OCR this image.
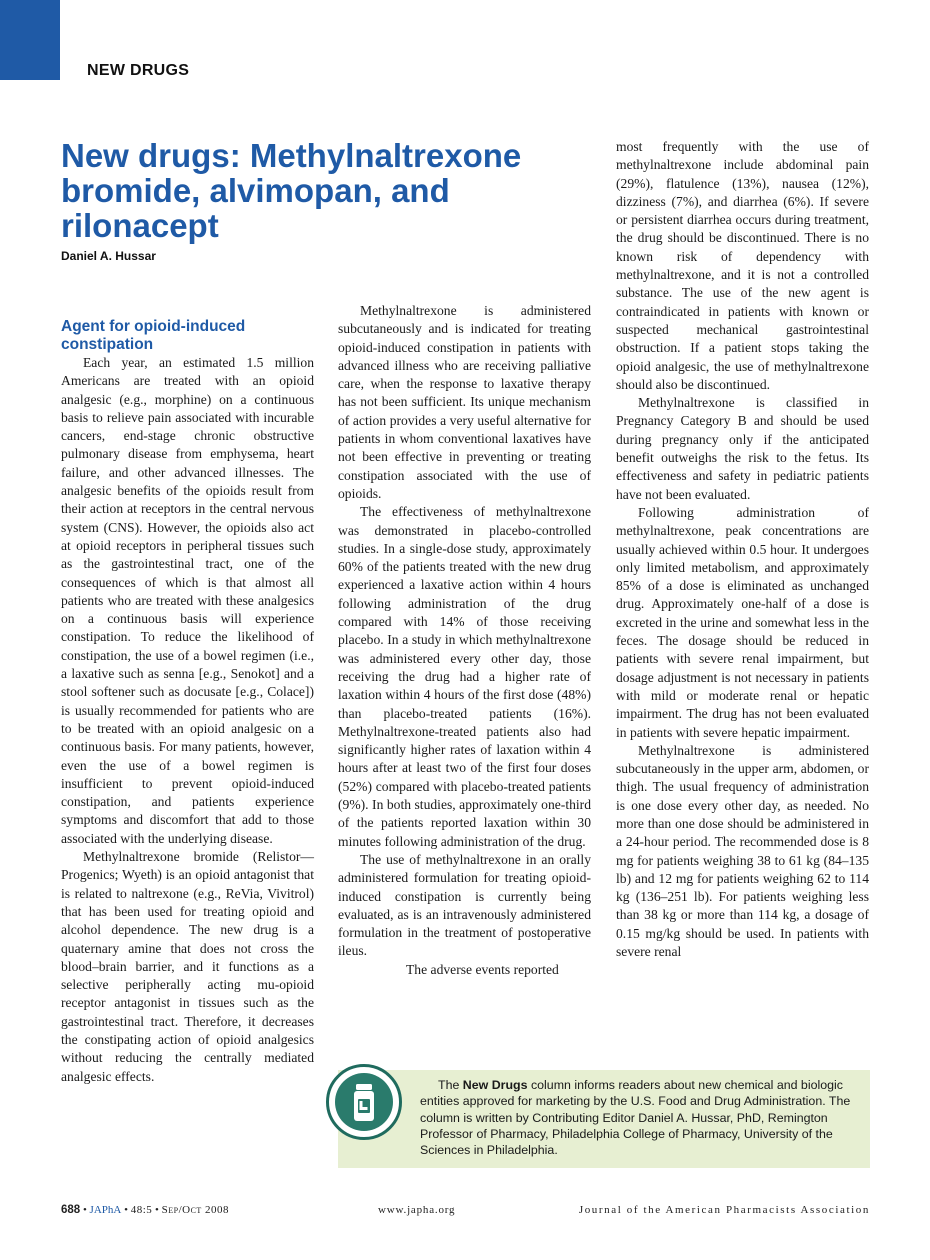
NEW DRUGS
New drugs: Methylnaltrexone bromide, alvimopan, and rilonacept
Daniel A. Hussar
Agent for opioid-induced constipation

Each year, an estimated 1.5 million Americans are treated with an opioid analgesic (e.g., morphine) on a continuous basis to relieve pain associated with incurable cancers, end-stage chronic obstructive pulmonary disease from emphysema, heart failure, and other advanced illnesses. The analgesic benefits of the opioids result from their action at receptors in the central nervous system (CNS). However, the opioids also act at opioid receptors in peripheral tissues such as the gastrointestinal tract, one of the consequences of which is that almost all patients who are treated with these analgesics on a continuous basis will experience constipation. To reduce the likelihood of constipation, the use of a bowel regimen (i.e., a laxative such as senna [e.g., Senokot] and a stool softener such as docusate [e.g., Colace]) is usually recommended for patients who are to be treated with an opioid analgesic on a continuous basis. For many patients, however, even the use of a bowel regimen is insufficient to prevent opioid-induced constipation, and patients experience symptoms and discomfort that add to those associated with the underlying disease.

Methylnaltrexone bromide (Relistor—Progenics; Wyeth) is an opioid antagonist that is related to naltrexone (e.g., ReVia, Vivitrol) that has been used for treating opioid and alcohol dependence. The new drug is a quaternary amine that does not cross the blood–brain barrier, and it functions as a selective peripherally acting mu-opioid receptor antagonist in tissues such as the gastrointestinal tract. Therefore, it decreases the constipating action of opioid analgesics without reducing the centrally mediated analgesic effects.

Methylnaltrexone is administered subcutaneously and is indicated for treating opioid-induced constipation in patients with advanced illness who are receiving palliative care, when the response to laxative therapy has not been sufficient. Its unique mechanism of action provides a very useful alternative for patients in whom conventional laxatives have not been effective in preventing or treating constipation associated with the use of opioids.

The effectiveness of methylnaltrexone was demonstrated in placebo-controlled studies. In a single-dose study, approximately 60% of the patients treated with the new drug experienced a laxative action within 4 hours following administration of the drug compared with 14% of those receiving placebo. In a study in which methylnaltrexone was administered every other day, those receiving the drug had a higher rate of laxation within 4 hours of the first dose (48%) than placebo-treated patients (16%). Methylnaltrexone-treated patients also had significantly higher rates of laxation within 4 hours after at least two of the first four doses (52%) compared with placebo-treated patients (9%). In both studies, approximately one-third of the patients reported laxation within 30 minutes following administration of the drug.

The use of methylnaltrexone in an orally administered formulation for treating opioid-induced constipation is currently being evaluated, as is an intravenously administered formulation in the treatment of postoperative ileus.

The adverse events reported

most frequently with the use of methylnaltrexone include abdominal pain (29%), flatulence (13%), nausea (12%), dizziness (7%), and diarrhea (6%). If severe or persistent diarrhea occurs during treatment, the drug should be discontinued. There is no known risk of dependency with methylnaltrexone, and it is not a controlled substance. The use of the new agent is contraindicated in patients with known or suspected mechanical gastrointestinal obstruction. If a patient stops taking the opioid analgesic, the use of methylnaltrexone should also be discontinued.

Methylnaltrexone is classified in Pregnancy Category B and should be used during pregnancy only if the anticipated benefit outweighs the risk to the fetus. Its effectiveness and safety in pediatric patients have not been evaluated.

Following administration of methylnaltrexone, peak concentrations are usually achieved within 0.5 hour. It undergoes only limited metabolism, and approximately 85% of a dose is eliminated as unchanged drug. Approximately one-half of a dose is excreted in the urine and somewhat less in the feces. The dosage should be reduced in patients with severe renal impairment, but dosage adjustment is not necessary in patients with mild or moderate renal or hepatic impairment. The drug has not been evaluated in patients with severe hepatic impairment.

Methylnaltrexone is administered subcutaneously in the upper arm, abdomen, or thigh. The usual frequency of administration is one dose every other day, as needed. No more than one dose should be administered in a 24-hour period. The recommended dose is 8 mg for patients weighing 38 to 61 kg (84–135 lb) and 12 mg for patients weighing 62 to 114 kg (136–251 lb). For patients weighing less than 38 kg or more than 114 kg, a dosage of 0.15 mg/kg should be used. In patients with severe renal

The New Drugs column informs readers about new chemical and biologic entities approved for marketing by the U.S. Food and Drug Administration. The column is written by Contributing Editor Daniel A. Hussar, PhD, Remington Professor of Pharmacy, Philadelphia College of Pharmacy, University of the Sciences in Philadelphia.

688 • JAPhA • 48:5 • Sep/Oct 2008	www.japha.org	Journal of the American Pharmacists Association
